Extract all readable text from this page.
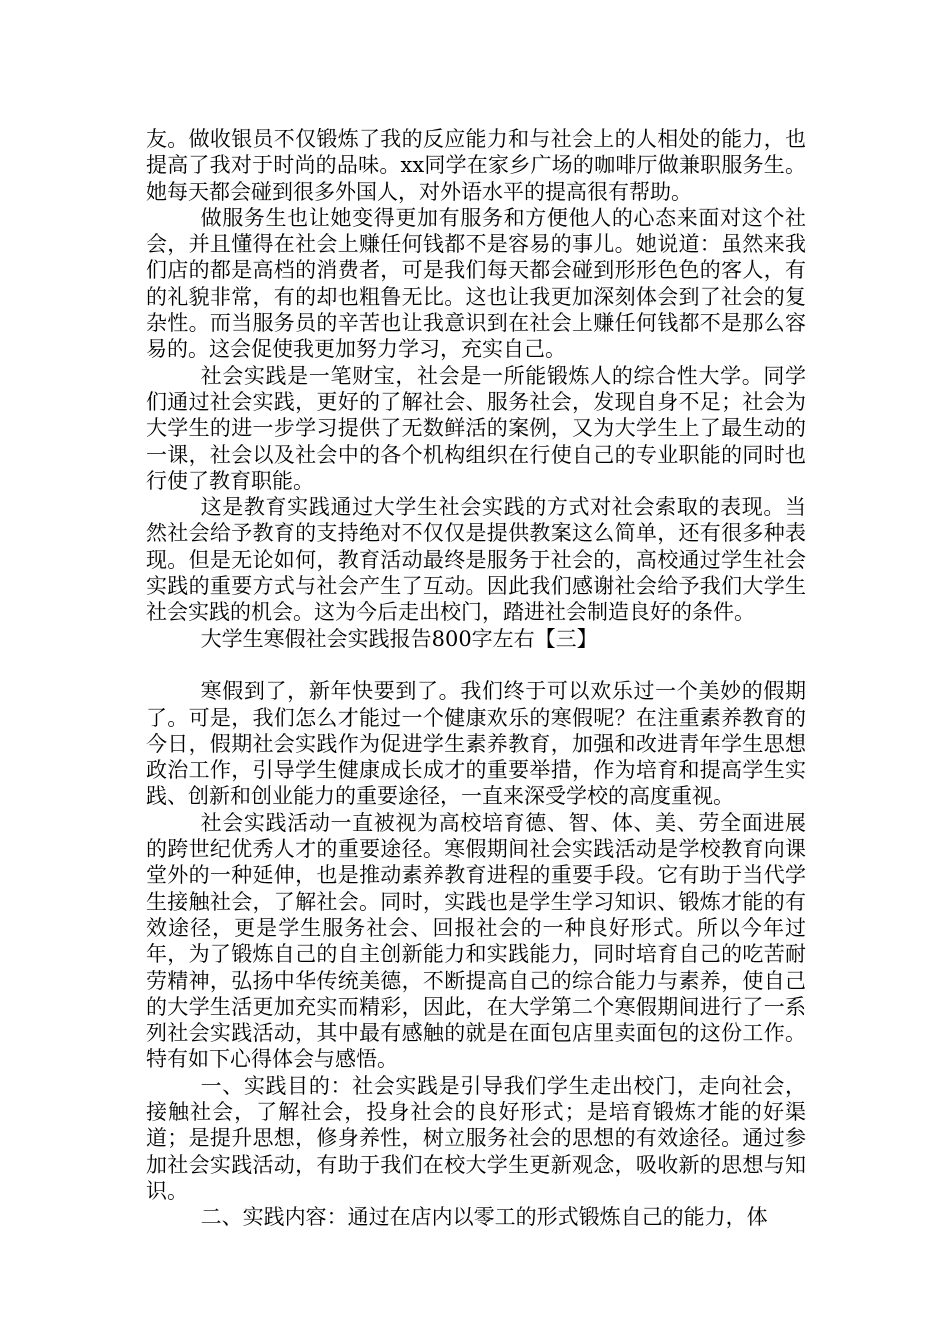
友。做收银员不仅锻炼了我的反应能力和与社会上的人相处的能力，也提高了我对于时尚的品味。xx同学在家乡广场的咖啡厅做兼职服务生。她每天都会碰到很多外国人，对外语水平的提高很有帮助。

做服务生也让她变得更加有服务和方便他人的心态来面对这个社会，并且懂得在社会上赚任何钱都不是容易的事儿。她说道：虽然来我们店的都是高档的消费者，可是我们每天都会碰到形形色色的客人，有的礼貌非常，有的却也粗鲁无比。这也让我更加深刻体会到了社会的复杂性。而当服务员的辛苦也让我意识到在社会上赚任何钱都不是那么容易的。这会促使我更加努力学习，充实自己。

社会实践是一笔财宝，社会是一所能锻炼人的综合性大学。同学们通过社会实践，更好的了解社会、服务社会，发现自身不足；社会为大学生的进一步学习提供了无数鲜活的案例，又为大学生上了最生动的一课，社会以及社会中的各个机构组织在行使自己的专业职能的同时也行使了教育职能。

这是教育实践通过大学生社会实践的方式对社会索取的表现。当然社会给予教育的支持绝对不仅仅是提供教案这么简单，还有很多种表现。但是无论如何，教育活动最终是服务于社会的，高校通过学生社会实践的重要方式与社会产生了互动。因此我们感谢社会给予我们大学生社会实践的机会。这为今后走出校门，踏进社会制造良好的条件。

大学生寒假社会实践报告800字左右【三】

寒假到了，新年快要到了。我们终于可以欢乐过一个美妙的假期了。可是，我们怎么才能过一个健康欢乐的寒假呢？在注重素养教育的今日，假期社会实践作为促进学生素养教育，加强和改进青年学生思想政治工作，引导学生健康成长成才的重要举措，作为培育和提高学生实践、创新和创业能力的重要途径，一直来深受学校的高度重视。

社会实践活动一直被视为高校培育德、智、体、美、劳全面进展的跨世纪优秀人才的重要途径。寒假期间社会实践活动是学校教育向课堂外的一种延伸，也是推动素养教育进程的重要手段。它有助于当代学生接触社会，了解社会。同时，实践也是学生学习知识、锻炼才能的有效途径，更是学生服务社会、回报社会的一种良好形式。所以今年过年，为了锻炼自己的自主创新能力和实践能力，同时培育自己的吃苦耐劳精神，弘扬中华传统美德，不断提高自己的综合能力与素养，使自己的大学生活更加充实而精彩，因此，在大学第二个寒假期间进行了一系列社会实践活动，其中最有感触的就是在面包店里卖面包的这份工作。特有如下心得体会与感悟。

一、实践目的：社会实践是引导我们学生走出校门，走向社会，接触社会，了解社会，投身社会的良好形式；是培育锻炼才能的好渠道；是提升思想，修身养性，树立服务社会的思想的有效途径。通过参加社会实践活动，有助于我们在校大学生更新观念，吸收新的思想与知识。

二、实践内容：通过在店内以零工的形式锻炼自己的能力，体
